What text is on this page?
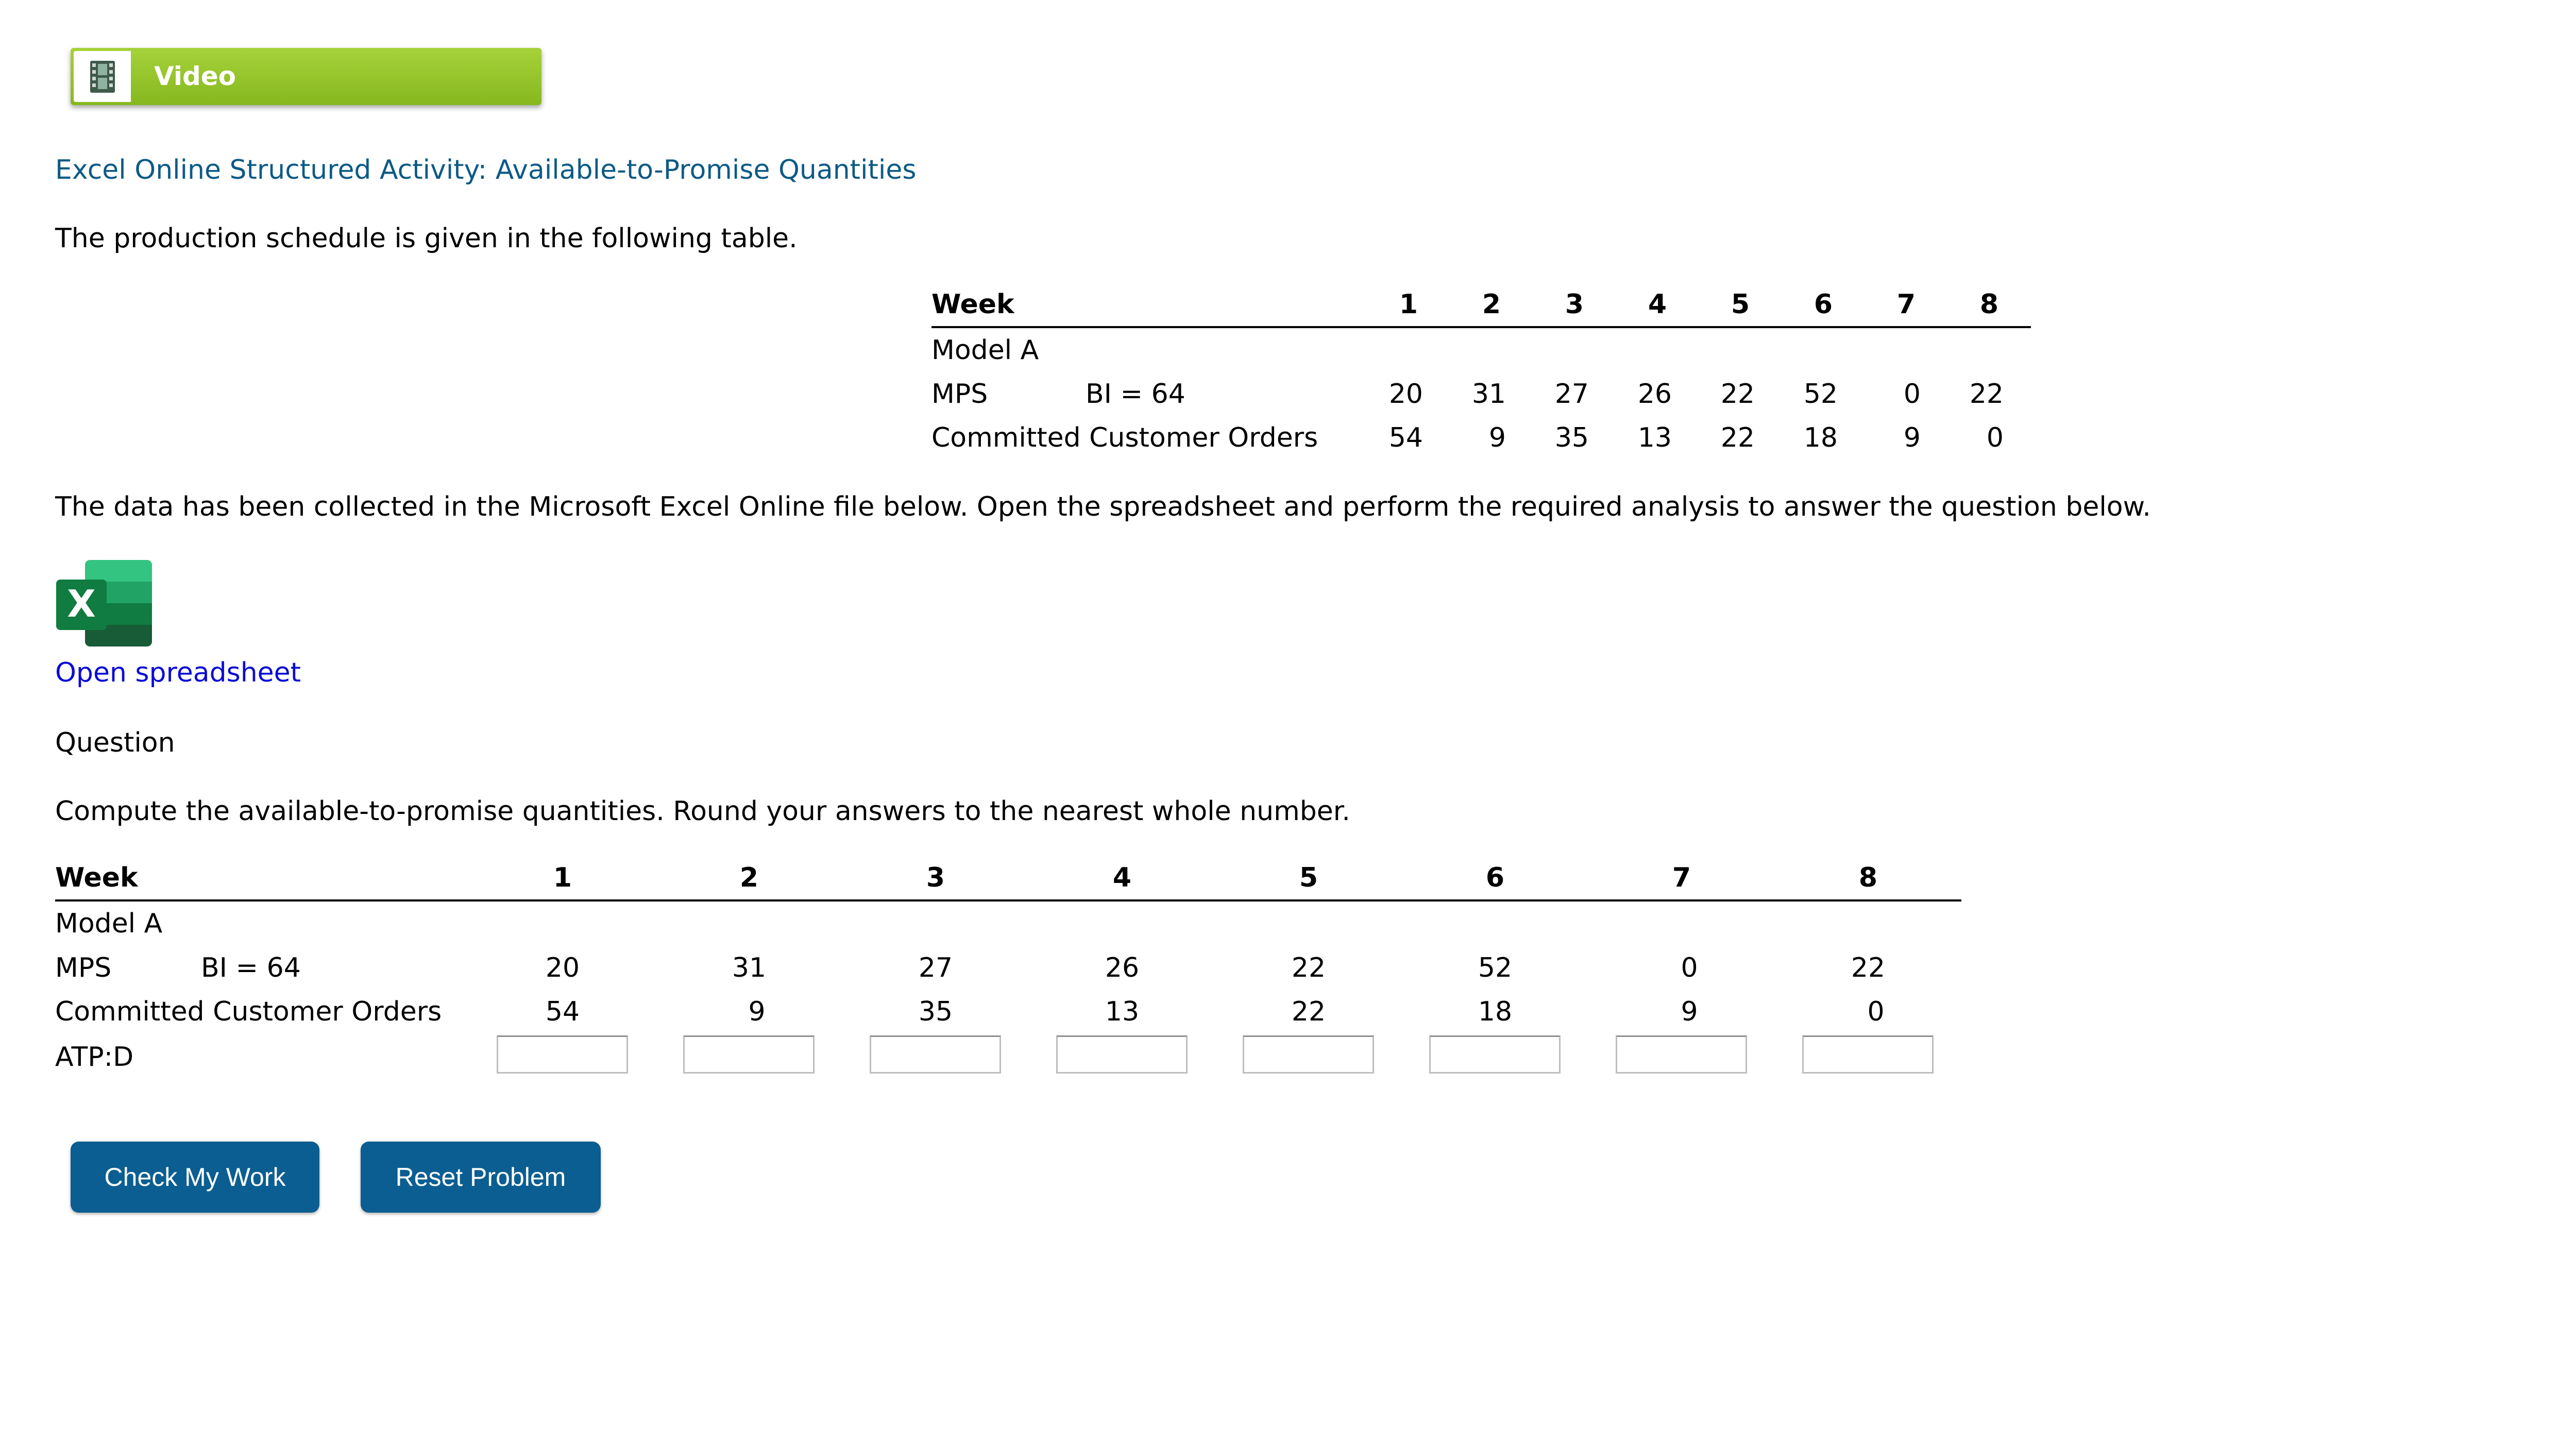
Video
Excel Online Structured Activity: Available-to-Promise Quantities
The production schedule is given in the following table.
Week	1	2	3	4	5	6	7	8
Model A
MPS	BI = 64	20	31	27	26	22	52	0	22
Committed Customer Orders	54	9	35	13	22	18	9	0
The data has been collected in the Microsoft Excel Online file below. Open the spreadsheet and perform the required analysis to answer the question below.
X
Open spreadsheet
Question
Compute the available-to-promise quantities. Round your answers to the nearest whole number.
Week	1	2	3	4	5	6	7	8
Model A
MPS	BI = 64	20	31	27	26	22	52	0	22
Committed Customer Orders	54	9	35	13	22	18	9	0
ATP:D
Check My Work	Reset Problem
